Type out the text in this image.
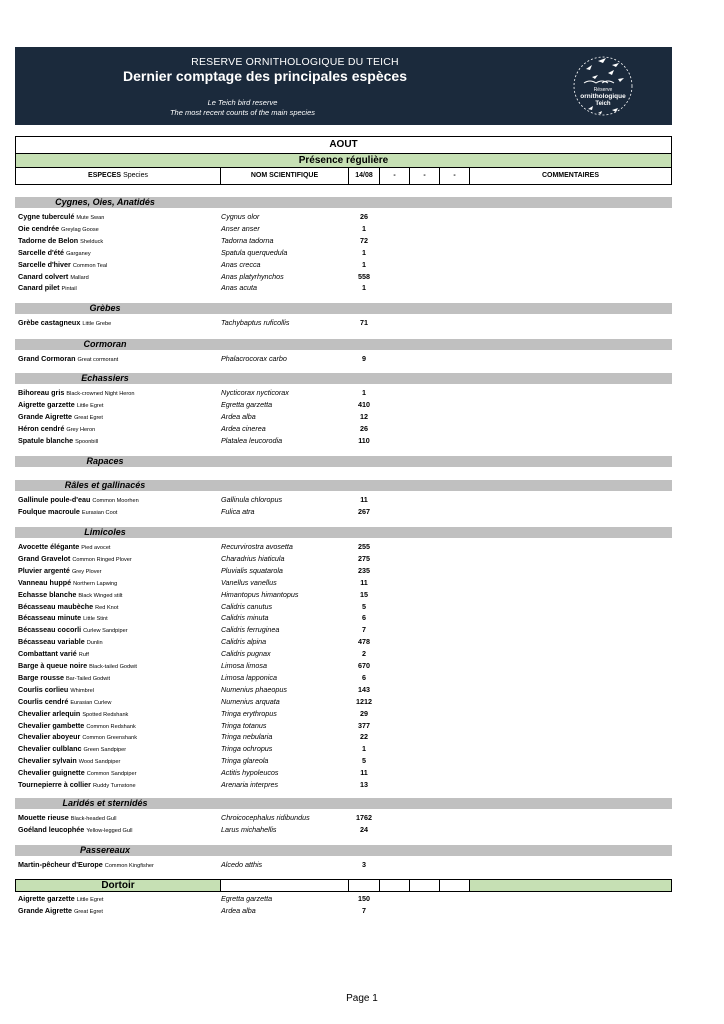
RESERVE ORNITHOLOGIQUE DU TEICH
Dernier comptage des principales espèces
Le Teich bird reserve
The most recent counts of the main species
Réserve
ornithologique
Teich
AOUT
Présence régulière
ESPECES Species	NOM SCIENTIFIQUE	14/08	-	-	-	COMMENTAIRES
Cygnes, Oies, Anatidés
Cygne tuberculé Mute Swan	Cygnus olor	26
Oie cendrée Greylag Goose	Anser anser	1
Tadorne de Belon Shelduck	Tadorna tadorna	72
Sarcelle d'été Garganey	Spatula querquedula	1
Sarcelle d'hiver Common Teal	Anas crecca	1
Canard colvert Mallard	Anas platyrhynchos	558
Canard pilet Pintail	Anas acuta	1
Grèbes
Grèbe castagneux Little Grebe	Tachybaptus ruficollis	71
Cormoran
Grand Cormoran Great cormorant	Phalacrocorax carbo	9
Echassiers
Bihoreau gris Black-crowned Night Heron	Nycticorax nycticorax	1
Aigrette garzette Little Egret	Egretta garzetta	410
Grande Aigrette Great Egret	Ardea alba	12
Héron cendré Grey Heron	Ardea cinerea	26
Spatule blanche Spoonbill	Platalea leucorodia	110
Rapaces
Râles et gallinacés
Gallinule poule-d'eau Common Moorhen	Gallinula chloropus	11
Foulque macroule Eurasian Coot	Fulica atra	267
Limicoles
Avocette élégante Pied avocet	Recurvirostra avosetta	255
Grand Gravelot Common Ringed Plover	Charadrius hiaticula	275
Pluvier argenté Grey Plover	Pluvialis squatarola	235
Vanneau huppé Northern Lapwing	Vanellus vanellus	11
Echasse blanche Black Winged stilt	Himantopus himantopus	15
Bécasseau maubèche Red Knot	Calidris canutus	5
Bécasseau minute Little Stint	Calidris minuta	6
Bécasseau cocorli Curlew Sandpiper	Calidris ferruginea	7
Bécasseau variable Dunlin	Calidris alpina	478
Combattant varié Ruff	Calidris pugnax	2
Barge à queue noire Black-tailed Godwit	Limosa limosa	670
Barge rousse Bar-Tailed Godwit	Limosa lapponica	6
Courlis corlieu Whimbrel	Numenius phaeopus	143
Courlis cendré Eurasian Curlew	Numenius arquata	1212
Chevalier arlequin Spotted Redshank	Tringa erythropus	29
Chevalier gambette Common Redshank	Tringa totanus	377
Chevalier aboyeur Common Greenshank	Tringa nebularia	22
Chevalier culblanc Green Sandpiper	Tringa ochropus	1
Chevalier sylvain Wood Sandpiper	Tringa glareola	5
Chevalier guignette Common Sandpiper	Actitis hypoleucos	11
Tournepierre à collier Ruddy Turnstone	Arenaria interpres	13
Laridés et sternidés
Mouette rieuse Black-headed Gull	Chroicocephalus ridibundus	1762
Goéland leucophée Yellow-legged Gull	Larus michahellis	24
Passereaux
Martin-pêcheur d'Europe Common Kingfisher	Alcedo atthis	3
Dortoir
Aigrette garzette Little Egret	Egretta garzetta	150
Grande Aigrette Great Egret	Ardea alba	7
Page 1
